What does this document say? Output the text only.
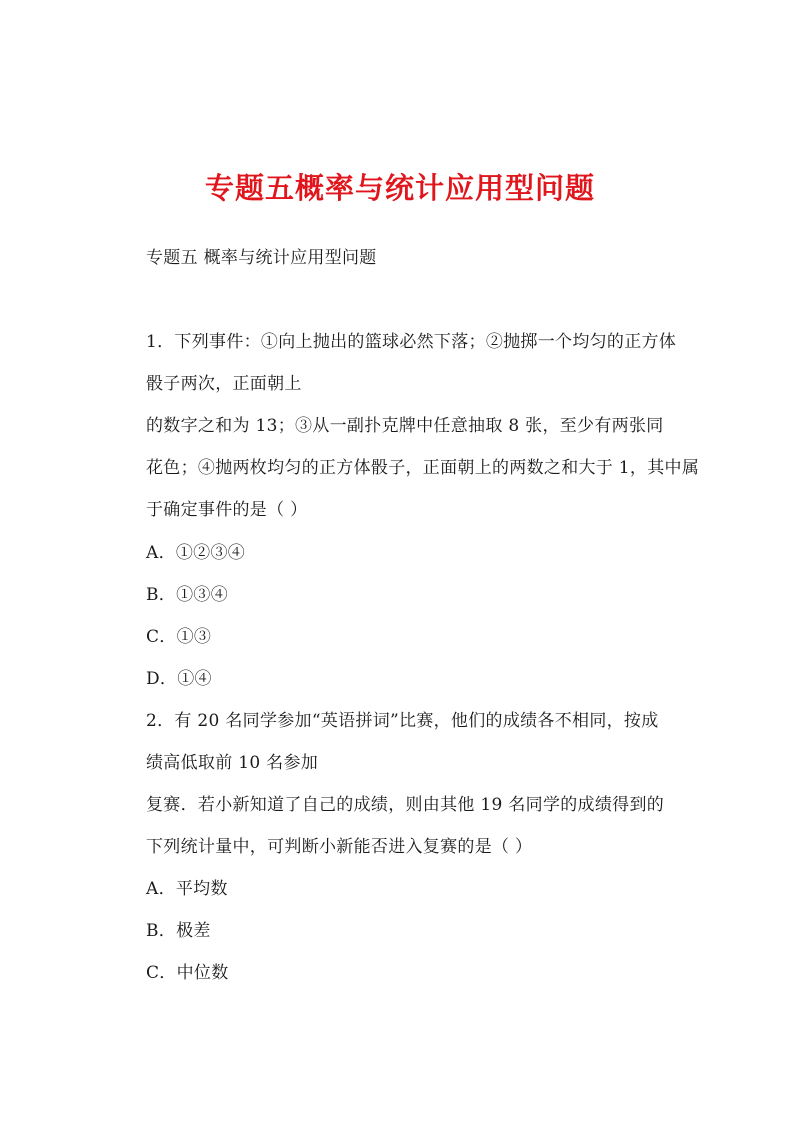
专题五概率与统计应用型问题
专题五 概率与统计应用型问题
1．下列事件：①向上抛出的篮球必然下落；②抛掷一个均匀的正方体
骰子两次，正面朝上
的数字之和为 13；③从一副扑克牌中任意抽取 8 张，至少有两张同
花色；④抛两枚均匀的正方体骰子，正面朝上的两数之和大于 1，其中属
于确定事件的是（ ）
A．①②③④
B．①③④
C．①③
D．①④
2．有 20 名同学参加“英语拼词”比赛，他们的成绩各不相同，按成
绩高低取前 10 名参加
复赛．若小新知道了自己的成绩，则由其他 19 名同学的成绩得到的
下列统计量中，可判断小新能否进入复赛的是（ ）
A．平均数
B．极差
C．中位数
